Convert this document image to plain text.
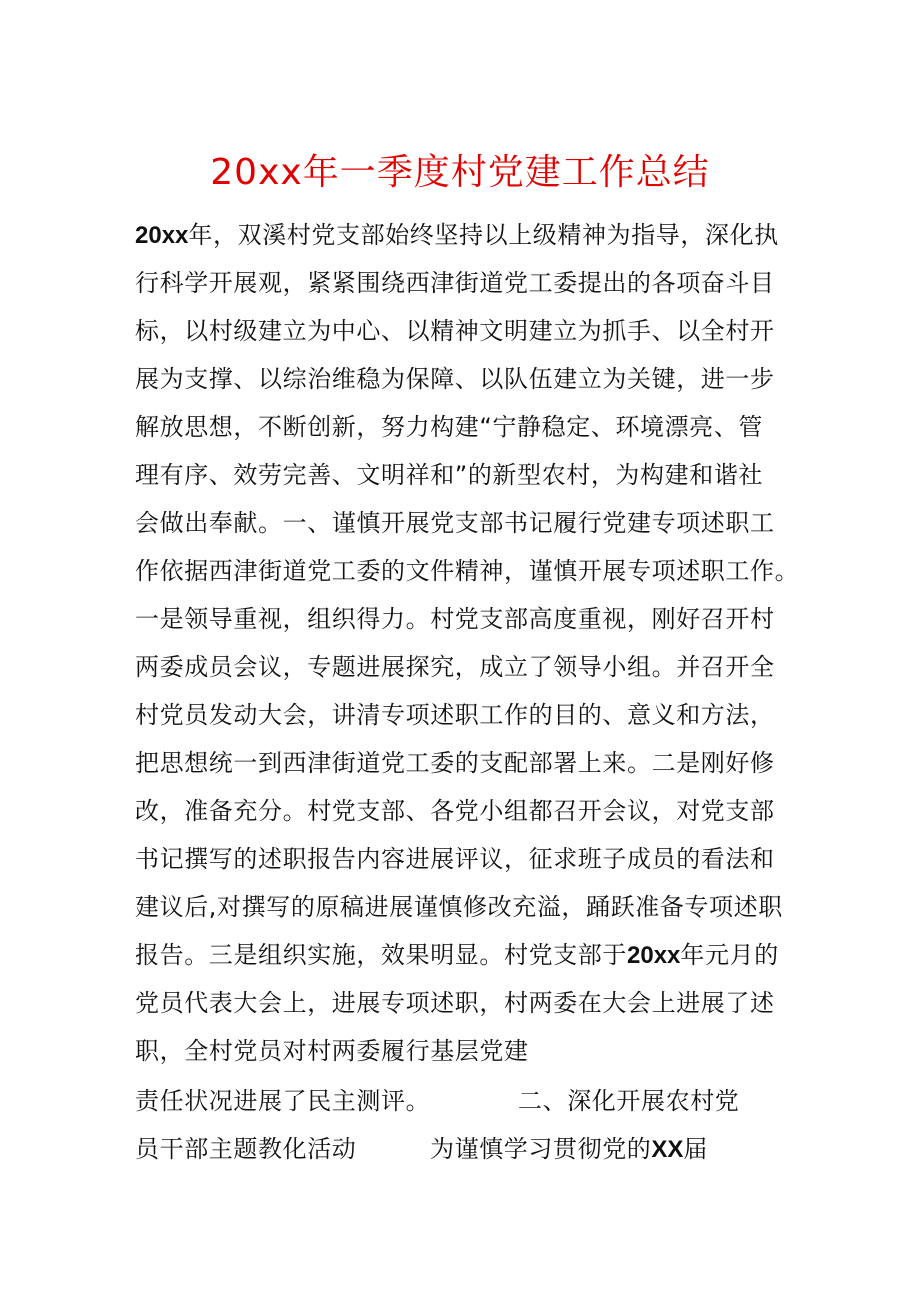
20xx年一季度村党建工作总结
20xx年，双溪村党支部始终坚持以上级精神为指导，深化执
行科学开展观，紧紧围绕西津街道党工委提出的各项奋斗目
标，以村级建立为中心、以精神文明建立为抓手、以全村开
展为支撑、以综治维稳为保障、以队伍建立为关键，进一步
解放思想，不断创新，努力构建“宁静稳定、环境漂亮、管
理有序、效劳完善、文明祥和”的新型农村，为构建和谐社
会做出奉献。一、谨慎开展党支部书记履行党建专项述职工
作依据西津街道党工委的文件精神，谨慎开展专项述职工作。
一是领导重视，组织得力。村党支部高度重视，刚好召开村
两委成员会议，专题进展探究，成立了领导小组。并召开全
村党员发动大会，讲清专项述职工作的目的、意义和方法，
把思想统一到西津街道党工委的支配部署上来。二是刚好修
改，准备充分。村党支部、各党小组都召开会议，对党支部
书记撰写的述职报告内容进展评议，征求班子成员的看法和
建议后,对撰写的原稿进展谨慎修改充溢，踊跃准备专项述职
报告。三是组织实施，效果明显。村党支部于20xx年元月的
党员代表大会上，进展专项述职，村两委在大会上进展了述
职，全村党员对村两委履行基层党建
责任状况进展了民主测评。	二、深化开展农村党
员干部主题教化活动	为谨慎学习贯彻党的XX届
